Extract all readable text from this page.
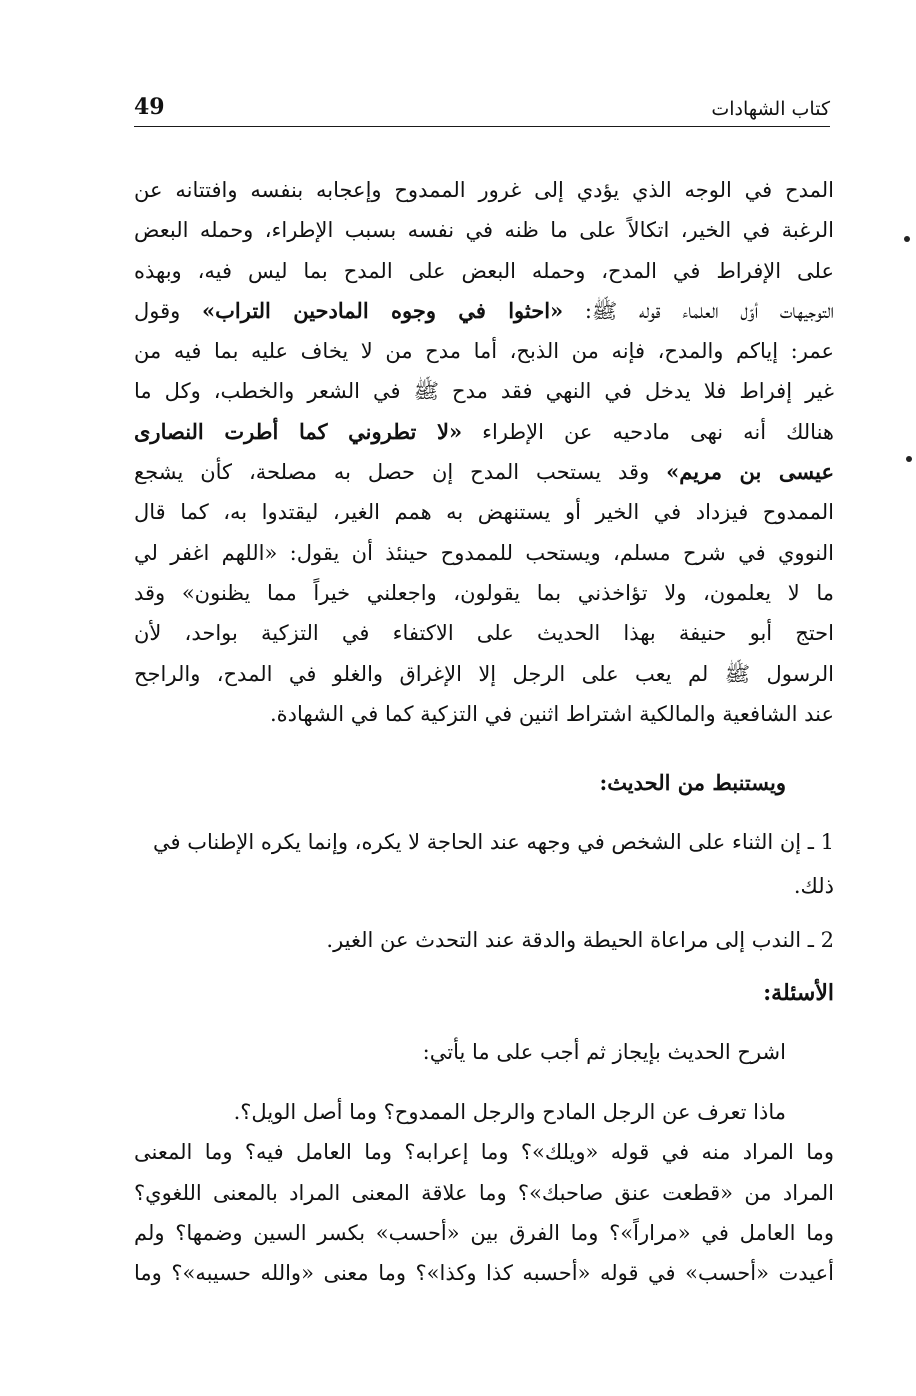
كتاب الشهادات
49
المدح في الوجه الذي يؤدي إلى غرور الممدوح وإعجابه بنفسه وافتتانه عن
الرغبة في الخير، اتكالاً على ما ظنه في نفسه بسبب الإطراء، وحمله البعض
على الإفراط في المدح، وحمله البعض على المدح بما ليس فيه، وبهذه
التوجيهات أوّل العلماء قوله ﷺ: «احثوا في وجوه المادحين التراب» وقول
عمر: إياكم والمدح، فإنه من الذبح، أما مدح من لا يخاف عليه بما فيه من
غير إفراط فلا يدخل في النهي فقد مدح ﷺ في الشعر والخطب، وكل ما
هنالك أنه نهى مادحيه عن الإطراء «لا تطروني كما أطرت النصارى
عيسى بن مريم» وقد يستحب المدح إن حصل به مصلحة، كأن يشجع
الممدوح فيزداد في الخير أو يستنهض به همم الغير، ليقتدوا به، كما قال
النووي في شرح مسلم، ويستحب للممدوح حينئذ أن يقول: «اللهم اغفر لي
ما لا يعلمون، ولا تؤاخذني بما يقولون، واجعلني خيراً مما يظنون» وقد
احتج أبو حنيفة بهذا الحديث على الاكتفاء في التزكية بواحد، لأن
الرسول ﷺ لم يعب على الرجل إلا الإغراق والغلو في المدح، والراجح
عند الشافعية والمالكية اشتراط اثنين في التزكية كما في الشهادة.
ويستنبط من الحديث:
1 ـ إن الثناء على الشخص في وجهه عند الحاجة لا يكره، وإنما يكره الإطناب في ذلك.
2 ـ الندب إلى مراعاة الحيطة والدقة عند التحدث عن الغير.
الأسئلة:
اشرح الحديث بإيجاز ثم أجب على ما يأتي:
ماذا تعرف عن الرجل المادح والرجل الممدوح؟ وما أصل الويل؟.
وما المراد منه في قوله «ويلك»؟ وما إعرابه؟ وما العامل فيه؟ وما المعنى
المراد من «قطعت عنق صاحبك»؟ وما علاقة المعنى المراد بالمعنى اللغوي؟
وما العامل في «مراراً»؟ وما الفرق بين «أحسب» بكسر السين وضمها؟ ولم
أعيدت «أحسب» في قوله «أحسبه كذا وكذا»؟ وما معنى «والله حسيبه»؟ وما
